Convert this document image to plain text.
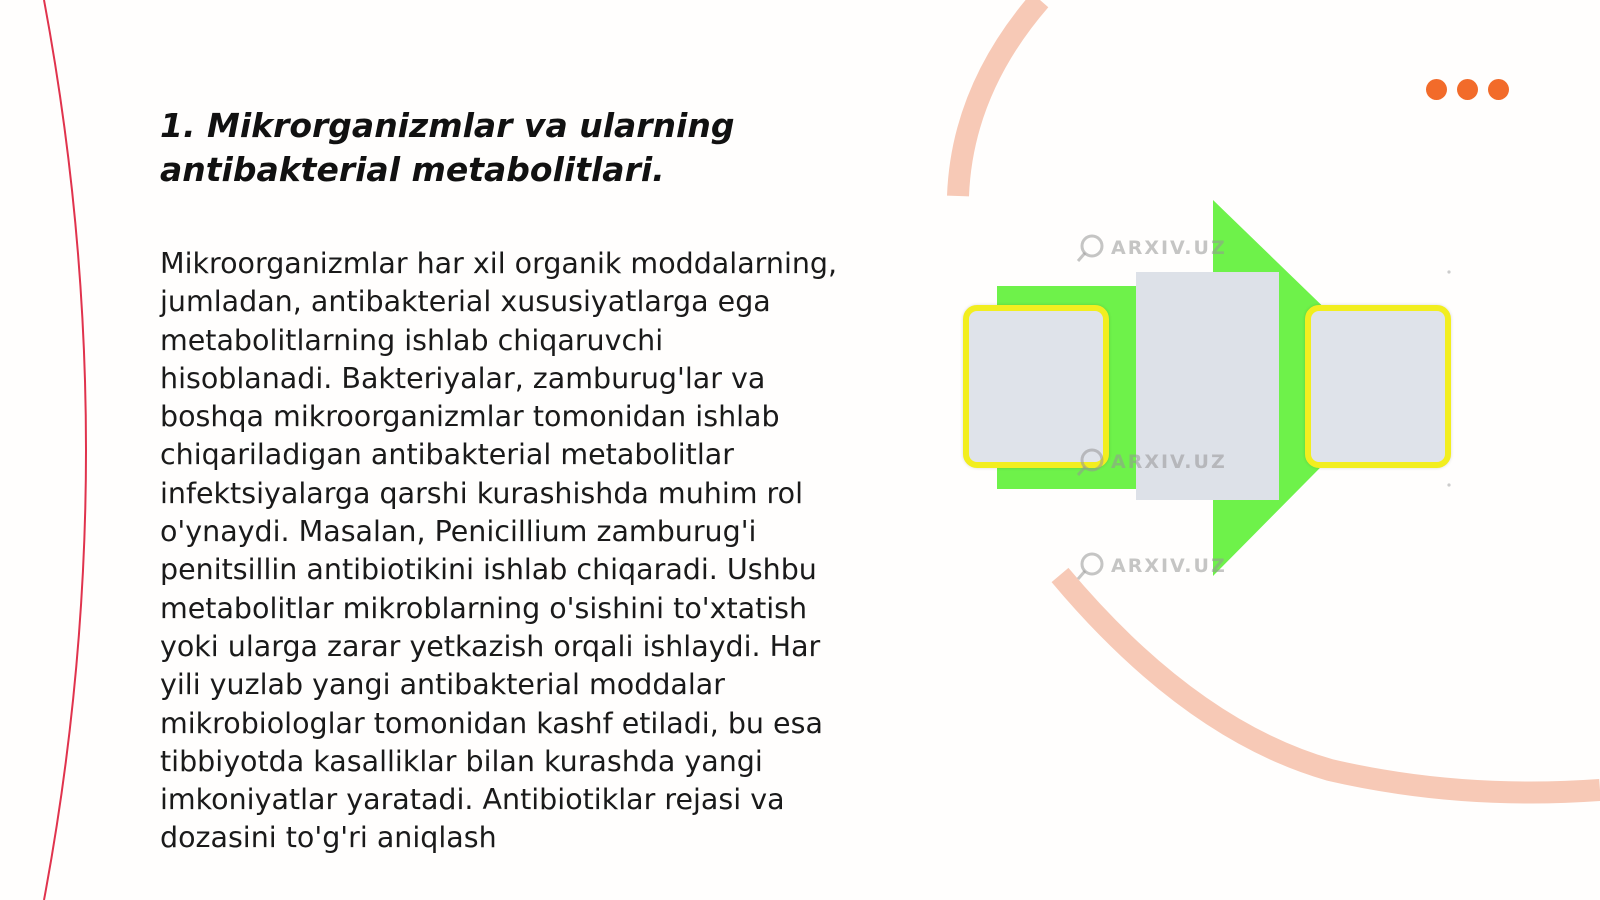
1. Mikrorganizmlar va ularning antibakterial metabolitlari.

Mikroorganizmlar har xil organik moddalarning, jumladan, antibakterial xususiyatlarga ega metabolitlarning ishlab chiqaruvchi hisoblanadi. Bakteriyalar, zamburug'lar va boshqa mikroorganizmlar tomonidan ishlab chiqariladigan antibakterial metabolitlar infektsiyalarga qarshi kurashishda muhim rol o'ynaydi. Masalan, Penicillium zamburug'i penitsillin antibiotikini ishlab chiqaradi. Ushbu metabolitlar mikroblarning o'sishini to'xtatish yoki ularga zarar yetkazish orqali ishlaydi. Har yili yuzlab yangi antibakterial moddalar mikrobiologlar tomonidan kashf etiladi, bu esa tibbiyotda kasalliklar bilan kurashda yangi imkoniyatlar yaratadi. Antibiotiklar rejasi va dozasini to'g'ri aniqlash

ARXIV.UZ
ARXIV.UZ
ARXIV.UZ
